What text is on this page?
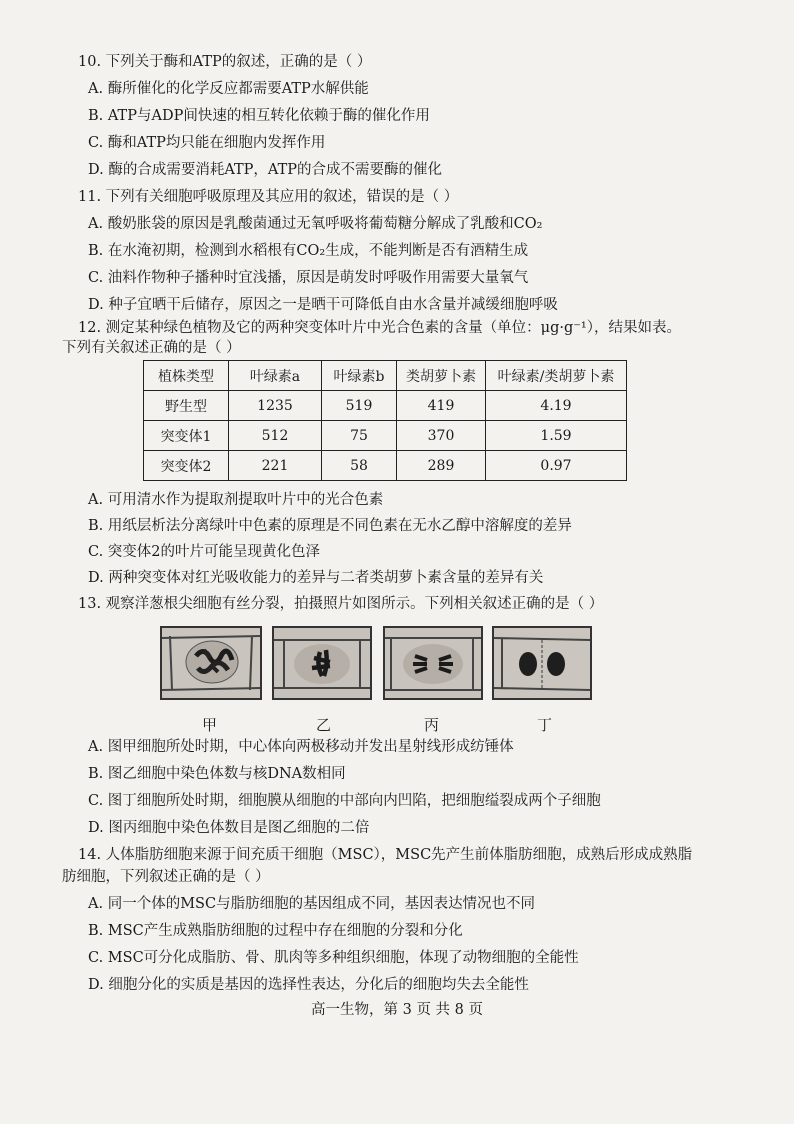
10. 下列关于酶和ATP的叙述，正确的是（ ）
A. 酶所催化的化学反应都需要ATP水解供能
B. ATP与ADP间快速的相互转化依赖于酶的催化作用
C. 酶和ATP均只能在细胞内发挥作用
D. 酶的合成需要消耗ATP，ATP的合成不需要酶的催化
11. 下列有关细胞呼吸原理及其应用的叙述，错误的是（ ）
A. 酸奶胀袋的原因是乳酸菌通过无氧呼吸将葡萄糖分解成了乳酸和CO₂
B. 在水淹初期，检测到水稻根有CO₂生成，不能判断是否有酒精生成
C. 油料作物种子播种时宜浅播，原因是萌发时呼吸作用需要大量氧气
D. 种子宜晒干后储存，原因之一是晒干可降低自由水含量并减缓细胞呼吸
12. 测定某种绿色植物及它的两种突变体叶片中光合色素的含量（单位：μg·g⁻¹），结果如表。
下列有关叙述正确的是（ ）
植株类型	叶绿素a	叶绿素b	类胡萝卜素	叶绿素/类胡萝卜素
野生型	1235	519	419	4.19
突变体1	512	75	370	1.59
突变体2	221	58	289	0.97
A. 可用清水作为提取剂提取叶片中的光合色素
B. 用纸层析法分离绿叶中色素的原理是不同色素在无水乙醇中溶解度的差异
C. 突变体2的叶片可能呈现黄化色泽
D. 两种突变体对红光吸收能力的差异与二者类胡萝卜素含量的差异有关
13. 观察洋葱根尖细胞有丝分裂，拍摄照片如图所示。下列相关叙述正确的是（ ）
甲	乙	丙	丁
A. 图甲细胞所处时期，中心体向两极移动并发出星射线形成纺锤体
B. 图乙细胞中染色体数与核DNA数相同
C. 图丁细胞所处时期，细胞膜从细胞的中部向内凹陷，把细胞缢裂成两个子细胞
D. 图丙细胞中染色体数目是图乙细胞的二倍
14. 人体脂肪细胞来源于间充质干细胞（MSC），MSC先产生前体脂肪细胞，成熟后形成成熟脂
肪细胞，下列叙述正确的是（ ）
A. 同一个体的MSC与脂肪细胞的基因组成不同，基因表达情况也不同
B. MSC产生成熟脂肪细胞的过程中存在细胞的分裂和分化
C. MSC可分化成脂肪、骨、肌肉等多种组织细胞，体现了动物细胞的全能性
D. 细胞分化的实质是基因的选择性表达，分化后的细胞均失去全能性
高一生物，第 3 页 共 8 页
